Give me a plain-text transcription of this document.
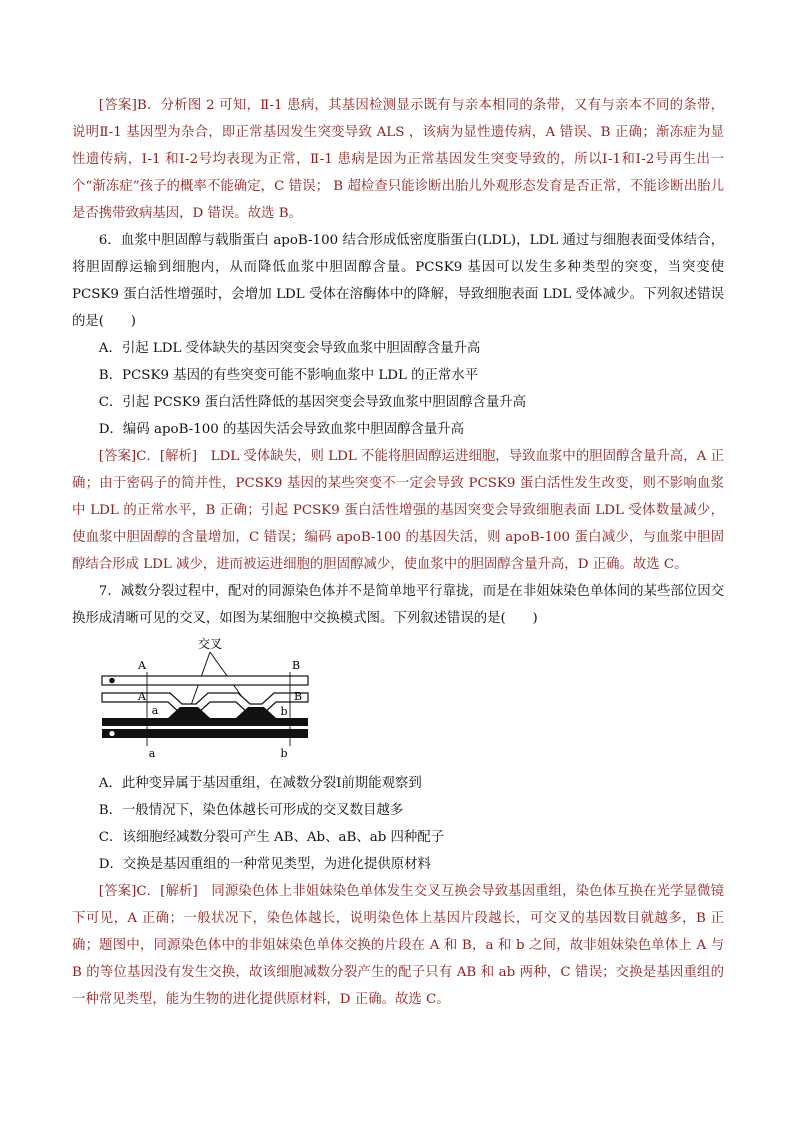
[答案]B．分析图 2 可知，Ⅱ-1 患病，其基因检测显示既有与亲本相同的条带，又有与亲本不同的条带，说明Ⅱ-1 基因型为杂合，即正常基因发生突变导致 ALS ，该病为显性遗传病，A 错误、B 正确；渐冻症为显性遗传病，Ⅰ-1 和Ⅰ-2号均表现为正常，Ⅱ-1 患病是因为正常基因发生突变导致的，所以Ⅰ-1和Ⅰ-2号再生出一个“渐冻症”孩子的概率不能确定，C 错误； B 超检查只能诊断出胎儿外观形态发育是否正常，不能诊断出胎儿是否携带致病基因，D 错误。故选 B。

6．血浆中胆固醇与载脂蛋白 apoB-100 结合形成低密度脂蛋白(LDL)，LDL 通过与细胞表面受体结合，将胆固醇运输到细胞内，从而降低血浆中胆固醇含量。PCSK9 基因可以发生多种类型的突变，当突变使PCSK9 蛋白活性增强时，会增加 LDL 受体在溶酶体中的降解，导致细胞表面 LDL 受体减少。下列叙述错误的是(　　)

A．引起 LDL 受体缺失的基因突变会导致血浆中胆固醇含量升高

B．PCSK9 基因的有些突变可能不影响血浆中 LDL 的正常水平

C．引起 PCSK9 蛋白活性降低的基因突变会导致血浆中胆固醇含量升高

D．编码 apoB-100 的基因失活会导致血浆中胆固醇含量升高

[答案]C．[解析]　LDL 受体缺失，则 LDL 不能将胆固醇运进细胞，导致血浆中的胆固醇含量升高，A 正确；由于密码子的简并性，PCSK9 基因的某些突变不一定会导致 PCSK9 蛋白活性发生改变，则不影响血浆中 LDL 的正常水平，B 正确；引起 PCSK9 蛋白活性增强的基因突变会导致细胞表面 LDL 受体数量减少，使血浆中胆固醇的含量增加，C 错误；编码 apoB-100 的基因失活，则 apoB-100 蛋白减少，与血浆中胆固醇结合形成 LDL 减少，进而被运进细胞的胆固醇减少，使血浆中的胆固醇含量升高，D 正确。故选 C。

7．减数分裂过程中，配对的同源染色体并不是简单地平行靠拢，而是在非姐妹染色单体间的某些部位因交换形成清晰可见的交叉，如图为某细胞中交换模式图。下列叙述错误的是(　　)

交叉
A
A
a
a
B
b
B
b

A．此种变异属于基因重组，在减数分裂Ⅰ前期能观察到

B．一般情况下，染色体越长可形成的交叉数目越多

C．该细胞经减数分裂可产生 AB、Ab、aB、ab 四种配子

D．交换是基因重组的一种常见类型，为进化提供原材料

[答案]C．[解析]　同源染色体上非姐妹染色单体发生交叉互换会导致基因重组，染色体互换在光学显微镜下可见，A 正确；一般状况下，染色体越长，说明染色体上基因片段越长，可交叉的基因数目就越多，B 正确；题图中，同源染色体中的非姐妹染色单体交换的片段在 A 和 B，a 和 b 之间，故非姐妹染色单体上 A 与 B 的等位基因没有发生交换，故该细胞减数分裂产生的配子只有 AB 和 ab 两种，C 错误；交换是基因重组的一种常见类型，能为生物的进化提供原材料，D 正确。故选 C。
